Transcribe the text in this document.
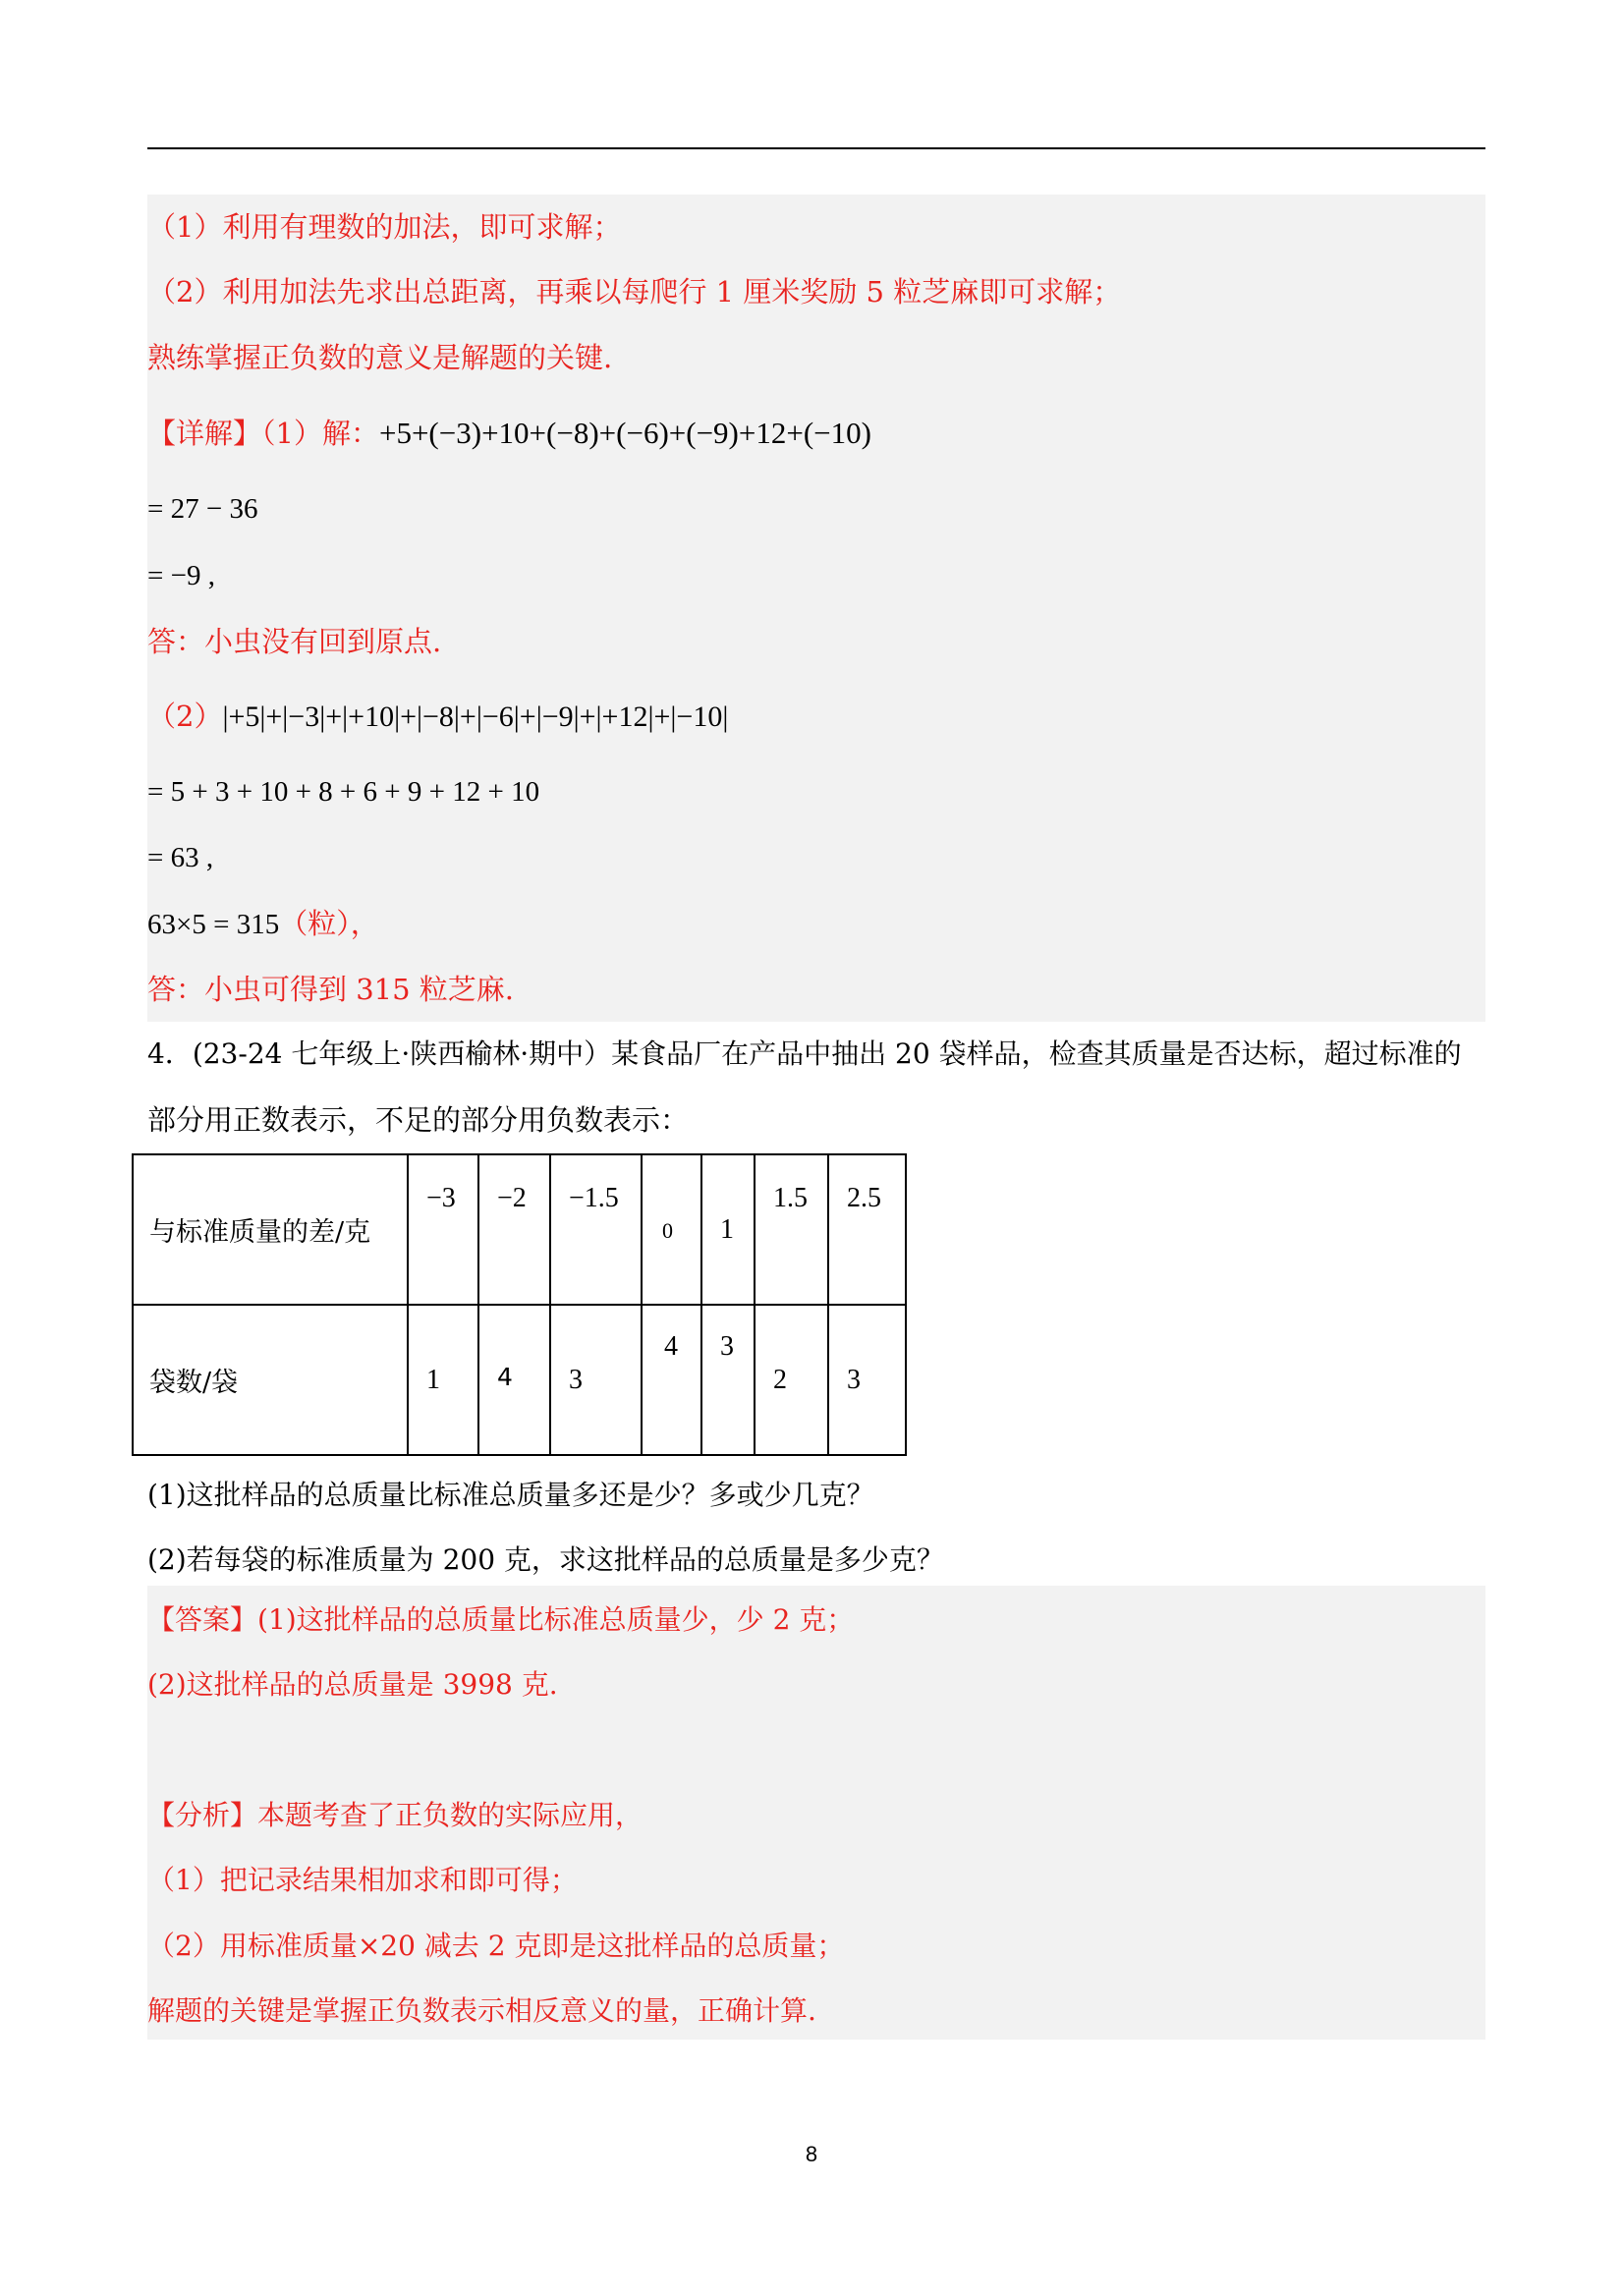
（1）利用有理数的加法，即可求解；
（2）利用加法先求出总距离，再乘以每爬行 1 厘米奖励 5 粒芝麻即可求解；
熟练掌握正负数的意义是解题的关键.
【详解】（1）解：+5+(−3)+10+(−8)+(−6)+(−9)+12+(−10)
= 27 − 36
= −9 ,
答：小虫没有回到原点.
（2）|+5|+|−3|+|+10|+|−8|+|−6|+|−9|+|+12|+|−10|
= 5 + 3 + 10 + 8 + 6 + 9 + 12 + 10
= 63 ,
63×5 = 315（粒），
答：小虫可得到 315 粒芝麻.
4．(23-24 七年级上·陕西榆林·期中）某食品厂在产品中抽出 20 袋样品，检查其质量是否达标，超过标准的
部分用正数表示，不足的部分用负数表示：
与标准质量的差/克	−3	−2	−1.5	0	1	1.5	2.5

袋数/袋	1	4	3	4	3	2	3
(1)这批样品的总质量比标准总质量多还是少？多或少几克？
(2)若每袋的标准质量为 200 克，求这批样品的总质量是多少克？
【答案】(1)这批样品的总质量比标准总质量少，少 2 克；
(2)这批样品的总质量是 3998 克.
【分析】本题考查了正负数的实际应用，
（1）把记录结果相加求和即可得；
（2）用标准质量×20 减去 2 克即是这批样品的总质量；
解题的关键是掌握正负数表示相反意义的量，正确计算.
8
